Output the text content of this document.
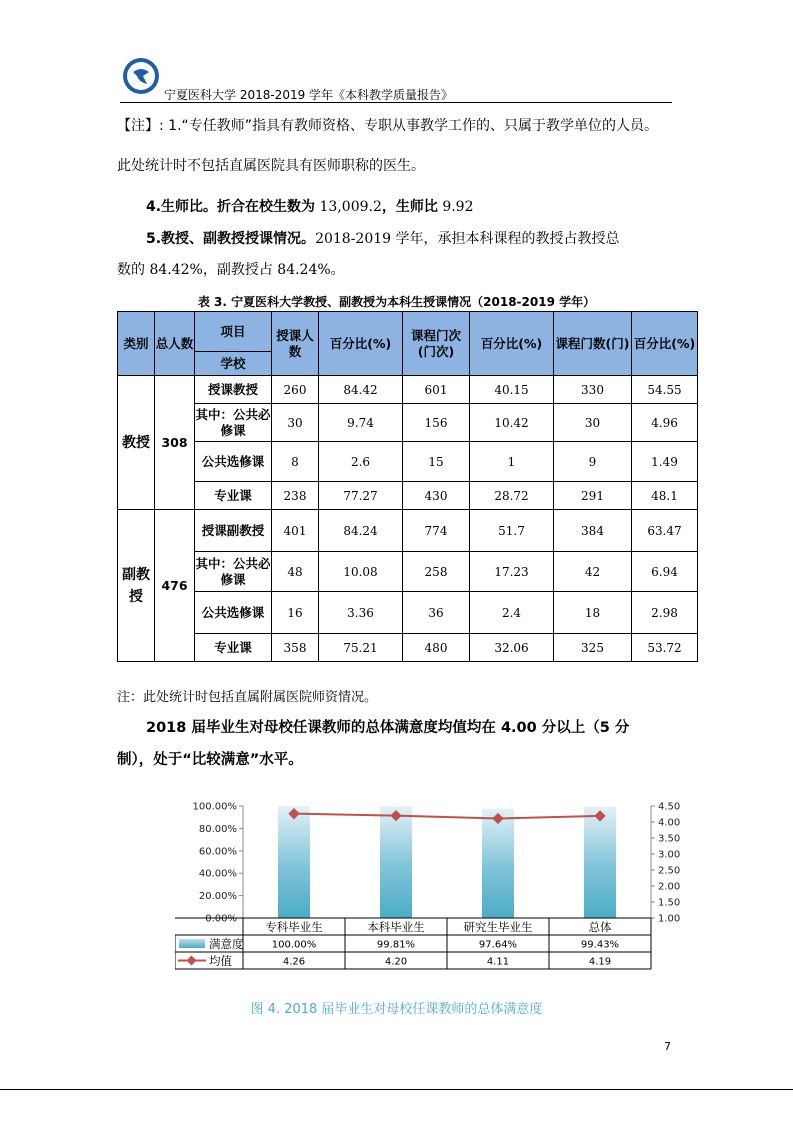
宁夏医科大学 2018-2019 学年《本科教学质量报告》
【注】: 1.“专任教师”指具有教师资格、专职从事教学工作的、只属于教学单位的人员。
此处统计时不包括直属医院具有医师职称的医生。
4.生师比。折合在校生数为 13,009.2，生师比 9.92
5.教授、副教授授课情况。2018-2019 学年，承担本科课程的教授占教授总
数的 84.42%，副教授占 84.24%。
表 3. 宁夏医科大学教授、副教授为本科生授课情况（2018-2019 学年）
类别	总人数	项目	授课人数	百分比(%)	课程门次(门次)	百分比(%)	课程门数(门)	百分比(%)
		学校						
教授	308	授课教授	260	84.42	601	40.15	330	54.55
		其中：公共必修课	30	9.74	156	10.42	30	4.96
		公共选修课	8	2.6	15	1	9	1.49
		专业课	238	77.27	430	28.72	291	48.1
副教授	476	授课副教授	401	84.24	774	51.7	384	63.47
		其中：公共必修课	48	10.08	258	17.23	42	6.94
		公共选修课	16	3.36	36	2.4	18	2.98
		专业课	358	75.21	480	32.06	325	53.72
注：此处统计时包括直属附属医院师资情况。
2018 届毕业生对母校任课教师的总体满意度均值均在 4.00 分以上（5 分
制），处于“比较满意”水平。
0.00%
20.00%
40.00%
60.00%
80.00%
100.00%
1.00
1.50
2.00
2.50
3.00
3.50
4.00
4.50
专科毕业生	本科毕业生	研究生毕业生	总体
满意度	100.00%	99.81%	97.64%	99.43%
均值	4.26	4.20	4.11	4.19
图 4. 2018 届毕业生对母校任课教师的总体满意度
7
